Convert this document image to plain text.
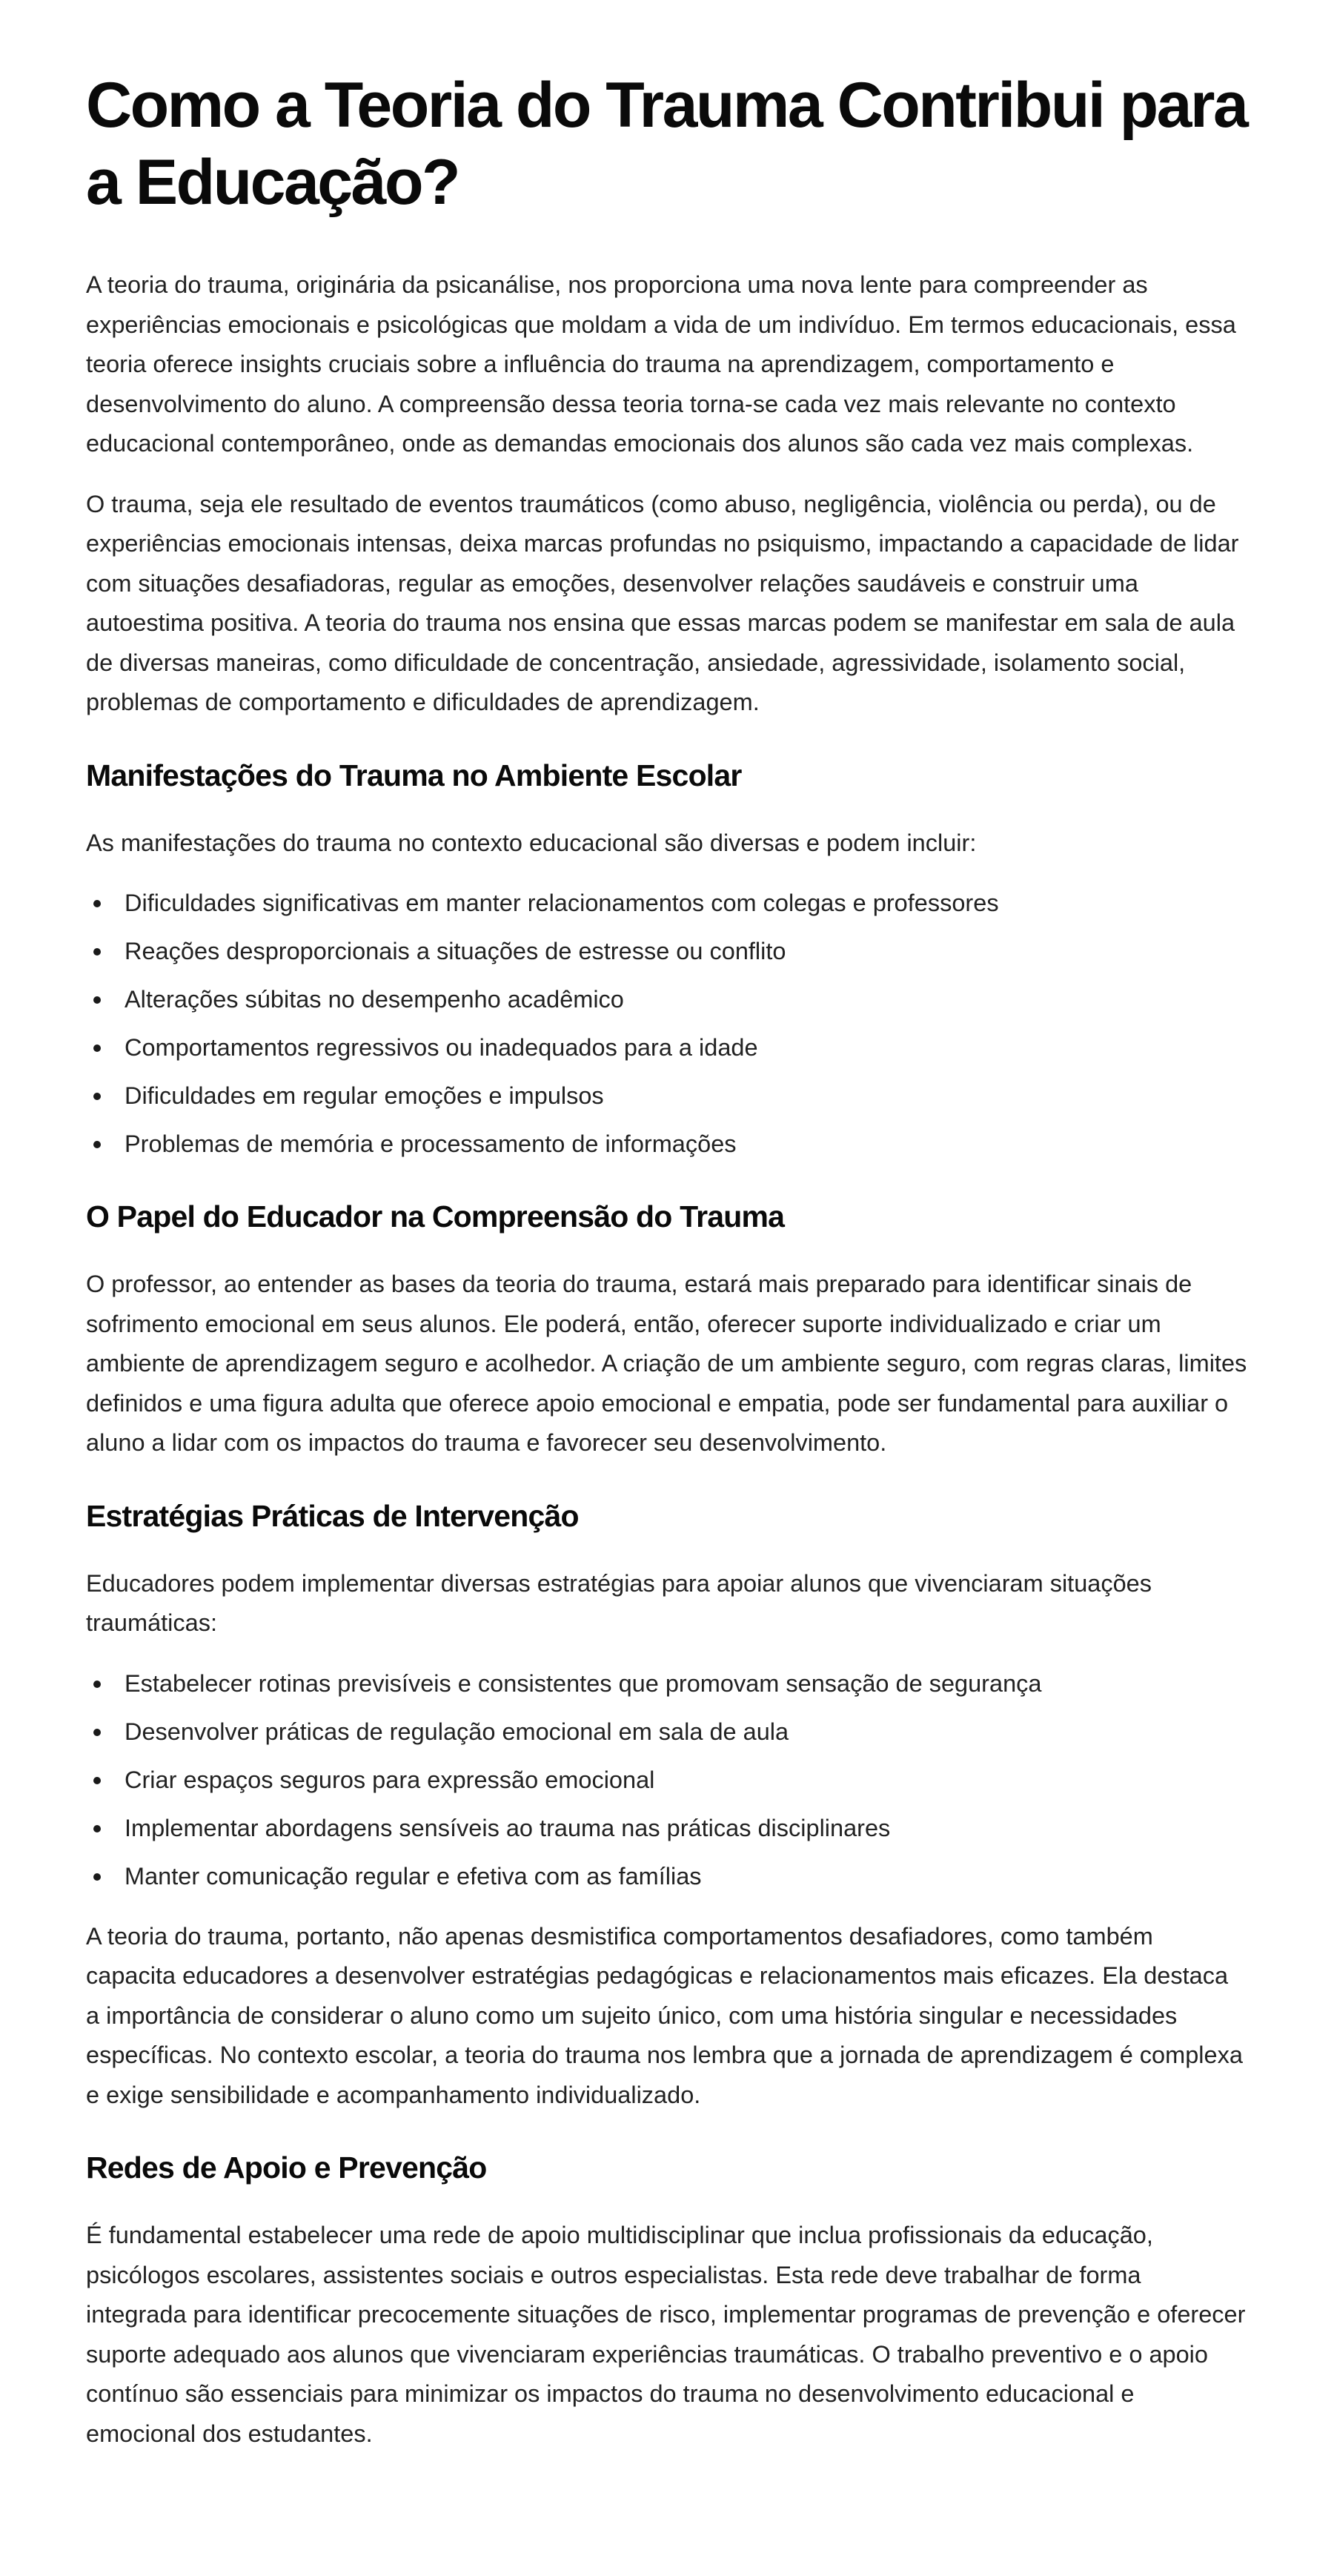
Como a Teoria do Trauma Contribui para a Educação?

A teoria do trauma, originária da psicanálise, nos proporciona uma nova lente para compreender as experiências emocionais e psicológicas que moldam a vida de um indivíduo. Em termos educacionais, essa teoria oferece insights cruciais sobre a influência do trauma na aprendizagem, comportamento e desenvolvimento do aluno. A compreensão dessa teoria torna-se cada vez mais relevante no contexto educacional contemporâneo, onde as demandas emocionais dos alunos são cada vez mais complexas.

O trauma, seja ele resultado de eventos traumáticos (como abuso, negligência, violência ou perda), ou de experiências emocionais intensas, deixa marcas profundas no psiquismo, impactando a capacidade de lidar com situações desafiadoras, regular as emoções, desenvolver relações saudáveis e construir uma autoestima positiva. A teoria do trauma nos ensina que essas marcas podem se manifestar em sala de aula de diversas maneiras, como dificuldade de concentração, ansiedade, agressividade, isolamento social, problemas de comportamento e dificuldades de aprendizagem.

Manifestações do Trauma no Ambiente Escolar

As manifestações do trauma no contexto educacional são diversas e podem incluir:

Dificuldades significativas em manter relacionamentos com colegas e professores
Reações desproporcionais a situações de estresse ou conflito
Alterações súbitas no desempenho acadêmico
Comportamentos regressivos ou inadequados para a idade
Dificuldades em regular emoções e impulsos
Problemas de memória e processamento de informações
O Papel do Educador na Compreensão do Trauma

O professor, ao entender as bases da teoria do trauma, estará mais preparado para identificar sinais de sofrimento emocional em seus alunos. Ele poderá, então, oferecer suporte individualizado e criar um ambiente de aprendizagem seguro e acolhedor. A criação de um ambiente seguro, com regras claras, limites definidos e uma figura adulta que oferece apoio emocional e empatia, pode ser fundamental para auxiliar o aluno a lidar com os impactos do trauma e favorecer seu desenvolvimento.

Estratégias Práticas de Intervenção

Educadores podem implementar diversas estratégias para apoiar alunos que vivenciaram situações traumáticas:

Estabelecer rotinas previsíveis e consistentes que promovam sensação de segurança
Desenvolver práticas de regulação emocional em sala de aula
Criar espaços seguros para expressão emocional
Implementar abordagens sensíveis ao trauma nas práticas disciplinares
Manter comunicação regular e efetiva com as famílias

A teoria do trauma, portanto, não apenas desmistifica comportamentos desafiadores, como também capacita educadores a desenvolver estratégias pedagógicas e relacionamentos mais eficazes. Ela destaca a importância de considerar o aluno como um sujeito único, com uma história singular e necessidades específicas. No contexto escolar, a teoria do trauma nos lembra que a jornada de aprendizagem é complexa e exige sensibilidade e acompanhamento individualizado.

Redes de Apoio e Prevenção

É fundamental estabelecer uma rede de apoio multidisciplinar que inclua profissionais da educação, psicólogos escolares, assistentes sociais e outros especialistas. Esta rede deve trabalhar de forma integrada para identificar precocemente situações de risco, implementar programas de prevenção e oferecer suporte adequado aos alunos que vivenciaram experiências traumáticas. O trabalho preventivo e o apoio contínuo são essenciais para minimizar os impactos do trauma no desenvolvimento educacional e emocional dos estudantes.
